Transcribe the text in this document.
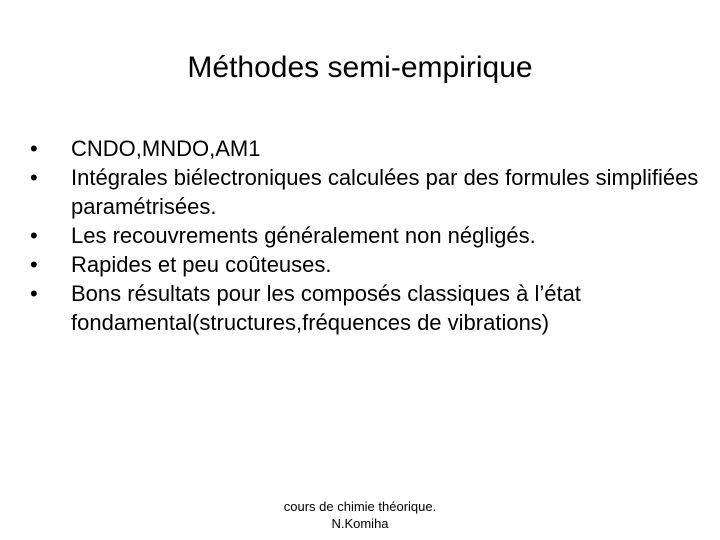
Méthodes semi-empirique
•	CNDO,MNDO,AM1
•	Intégrales biélectroniques calculées par des formules simplifiées paramétrisées.
•	Les recouvrements généralement non négligés.
•	Rapides et peu coûteuses.
•	Bons résultats pour les composés classiques à l’état fondamental(structures,fréquences de vibrations)
cours de chimie théorique.
N.Komiha
